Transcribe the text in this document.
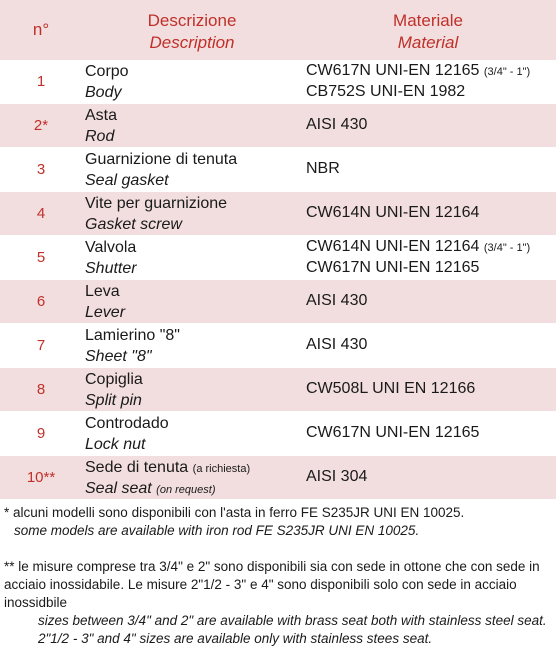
n°	Descrizione
Description
Materiale
Material
1
Corpo
Body
CW617N UNI-EN 12165 (3/4" - 1")
CB752S UNI-EN 1982
2*
Asta
Rod
AISI 430
3
Guarnizione di tenuta
Seal gasket
NBR
4
Vite per guarnizione
Gasket screw
CW614N UNI-EN 12164
5
Valvola
Shutter
CW614N UNI-EN 12164 (3/4" - 1")
CW617N UNI-EN 12165
6
Leva
Lever
AISI 430
7
Lamierino "8"
Sheet "8"
AISI 430
8
Copiglia
Split pin
CW508L UNI EN 12166
9
Controdado
Lock nut
CW617N UNI-EN 12165
10**
Sede di tenuta (a richiesta)
Seal seat (on request)
AISI 304

* alcuni modelli sono disponibili con l'asta in ferro FE S235JR UNI EN 10025.

some models are available with iron rod FE S235JR UNI EN 10025.

** le misure comprese tra 3/4" e 2" sono disponibili sia con sede in ottone che con sede in acciaio inossidabile. Le misure 2"1/2 - 3" e 4" sono disponibili solo con sede in acciaio inossidbile

sizes between 3/4" and 2" are available with brass seat both with stainless steel seat. 2"1/2 - 3" and 4" sizes are available only with stainless stees seat.
